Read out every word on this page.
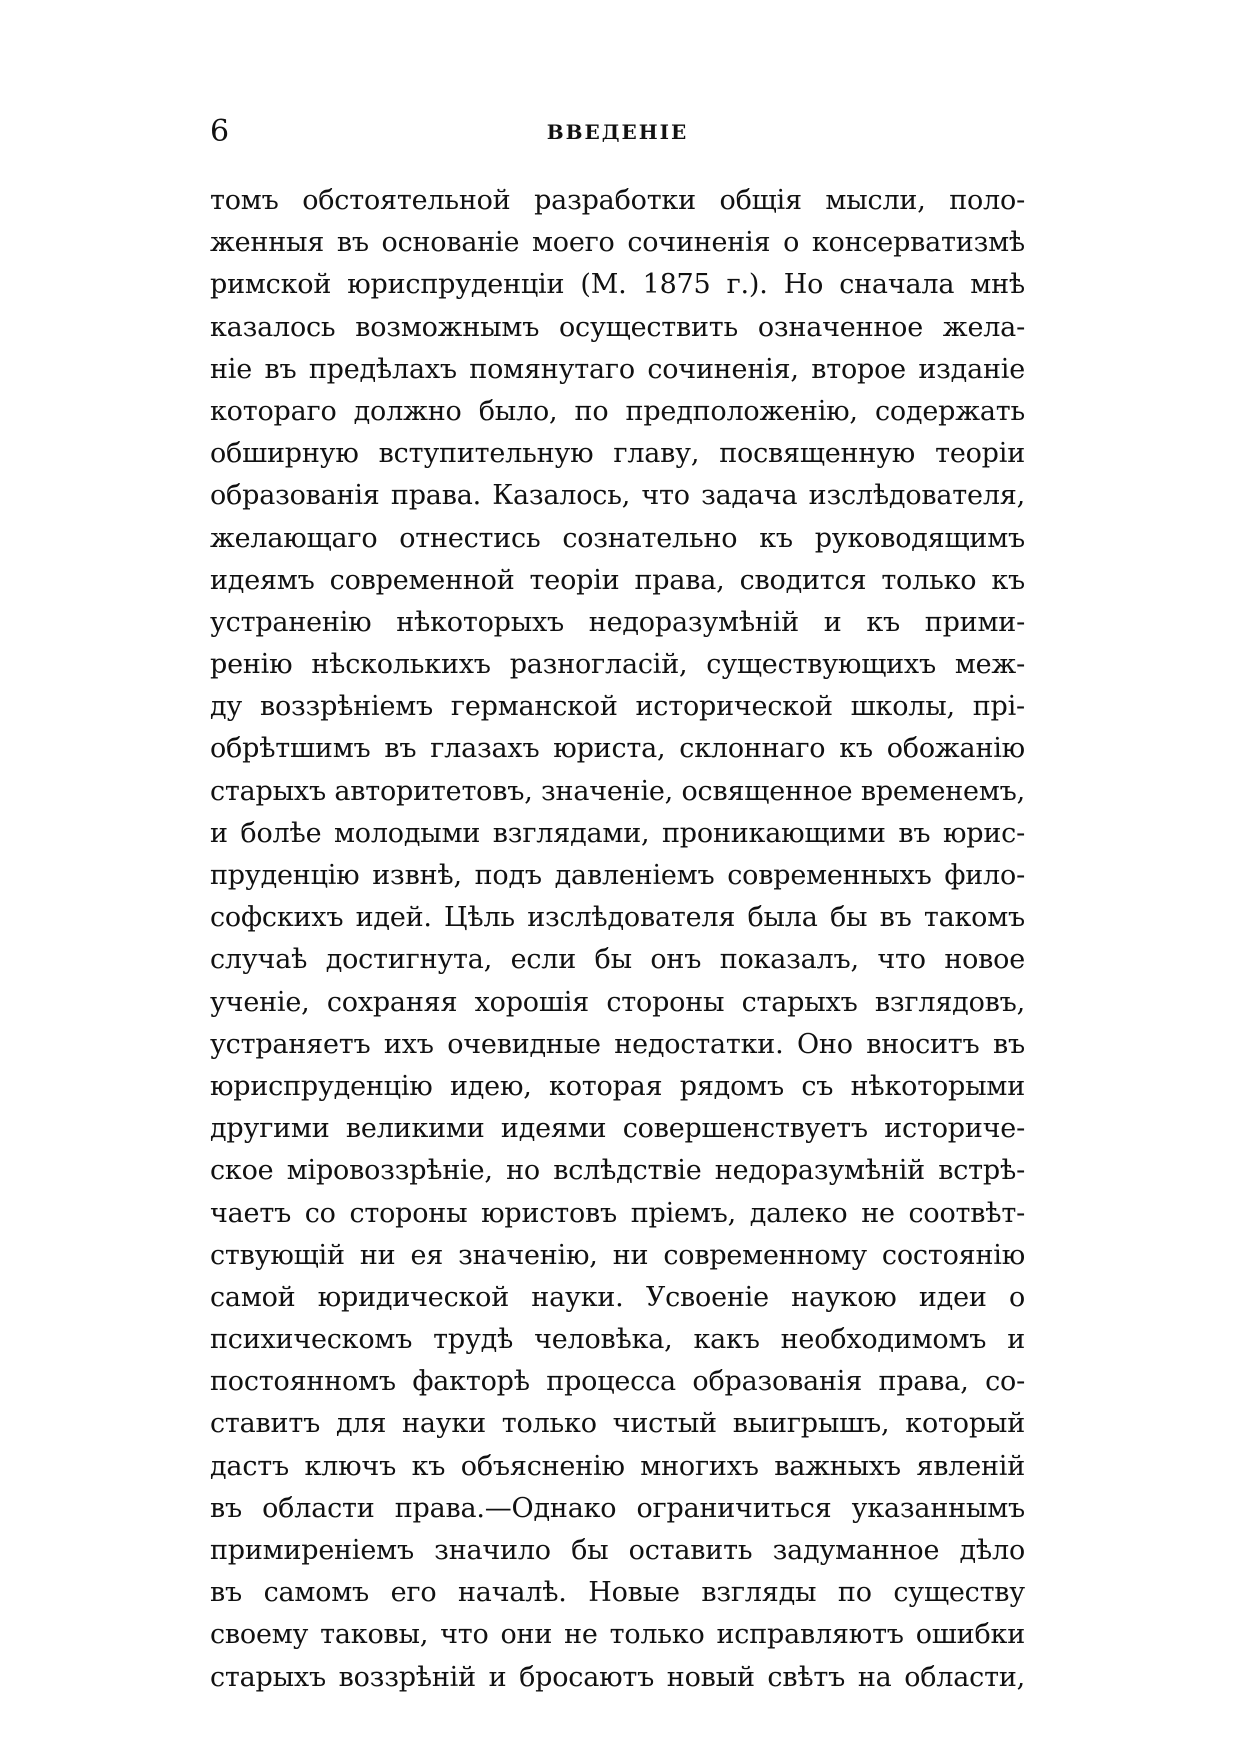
6	ВВЕДЕНІЕ
томъ обстоятельной разработки общія мысли, поло-
женныя въ основаніе моего сочиненія о консерватизмѣ
римской юриспруденціи (М. 1875 г.). Но сначала мнѣ
казалось возможнымъ осуществить означенное жела-
ніе въ предѣлахъ помянутаго сочиненія, второе изданіе
котораго должно было, по предположенію, содержать
обширную вступительную главу, посвященную теоріи
образованія права. Казалось, что задача изслѣдователя,
желающаго отнестись сознательно къ руководящимъ
идеямъ современной теоріи права, сводится только къ
устраненію нѣкоторыхъ недоразумѣній и къ прими-
ренію нѣсколькихъ разногласій, существующихъ меж-
ду воззрѣніемъ германской исторической школы, прі-
обрѣтшимъ въ глазахъ юриста, склоннаго къ обожанію
старыхъ авторитетовъ, значеніе, освященное временемъ,
и болѣе молодыми взглядами, проникающими въ юрис-
пруденцію извнѣ, подъ давленіемъ современныхъ фило-
софскихъ идей. Цѣль изслѣдователя была бы въ такомъ
случаѣ достигнута, если бы онъ показалъ, что новое
ученіе, сохраняя хорошія стороны старыхъ взглядовъ,
устраняетъ ихъ очевидные недостатки. Оно вноситъ въ
юриспруденцію идею, которая рядомъ съ нѣкоторыми
другими великими идеями совершенствуетъ историче-
ское міровоззрѣніе, но вслѣдствіе недоразумѣній встрѣ-
чаетъ со стороны юристовъ пріемъ, далеко не соотвѣт-
ствующій ни ея значенію, ни современному состоянію
самой юридической науки. Усвоеніе наукою идеи о
психическомъ трудѣ человѣка, какъ необходимомъ и
постоянномъ факторѣ процесса образованія права, со-
ставитъ для науки только чистый выигрышъ, который
дастъ ключъ къ объясненію многихъ важныхъ явленій
въ области права.—Однако ограничиться указаннымъ
примиреніемъ значило бы оставить задуманное дѣло
въ самомъ его началѣ. Новые взгляды по существу
своему таковы, что они не только исправляютъ ошибки
старыхъ воззрѣній и бросаютъ новый свѣтъ на области,
